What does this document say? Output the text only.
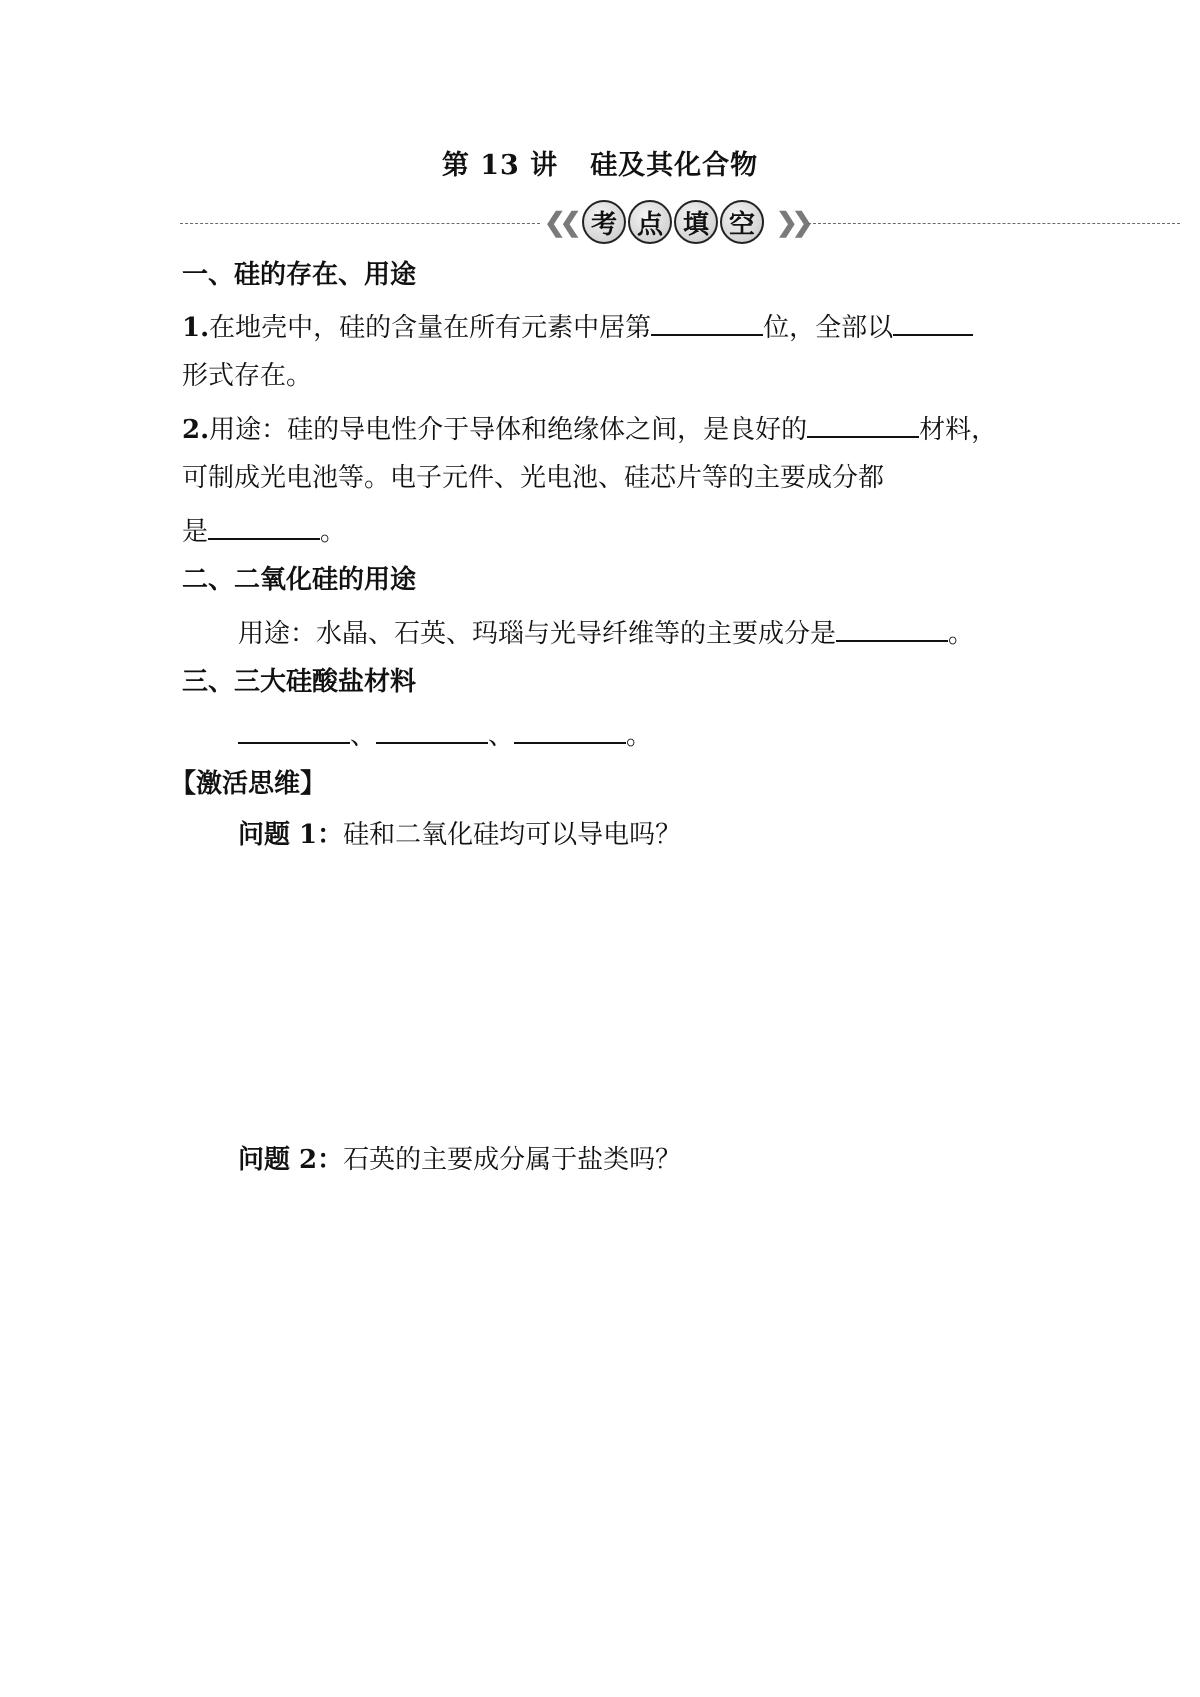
第 13 讲 硅及其化合物
❮❮ 考 点 填 空 ❯❯
一、硅的存在、用途
1.在地壳中，硅的含量在所有元素中居第	位，全部以
形式存在。
2.用途：硅的导电性介于导体和绝缘体之间，是良好的	材料，
可制成光电池等。电子元件、光电池、硅芯片等的主要成分都
是	。
二、二氧化硅的用途
用途：水晶、石英、玛瑙与光导纤维等的主要成分是	。
三、三大硅酸盐材料
、	、	。
【激活思维】
问题 1：硅和二氧化硅均可以导电吗？
问题 2：石英的主要成分属于盐类吗？
